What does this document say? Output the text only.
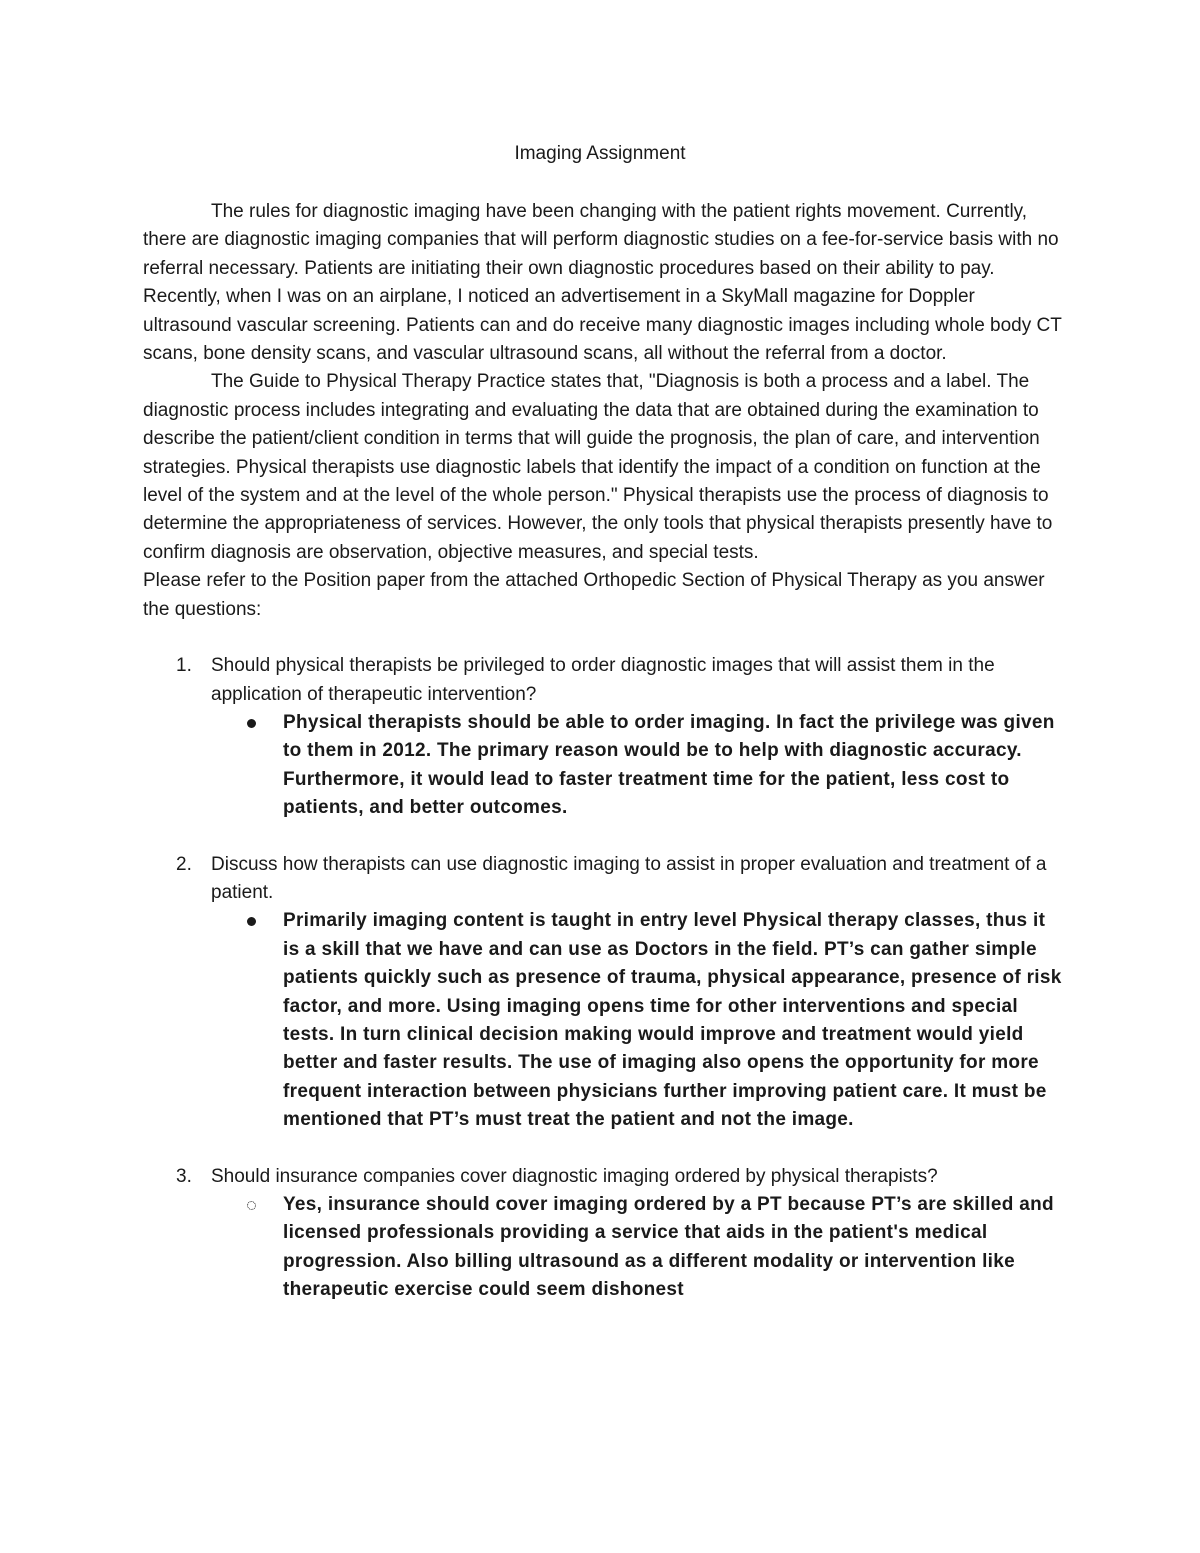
Imaging Assignment

The rules for diagnostic imaging have been changing with the patient rights movement. Currently, there are diagnostic imaging companies that will perform diagnostic studies on a fee-for-service basis with no referral necessary. Patients are initiating their own diagnostic procedures based on their ability to pay. Recently, when I was on an airplane, I noticed an advertisement in a SkyMall magazine for Doppler ultrasound vascular screening. Patients can and do receive many diagnostic images including whole body CT scans, bone density scans, and vascular ultrasound scans, all without the referral from a doctor.

The Guide to Physical Therapy Practice states that, "Diagnosis is both a process and a label. The diagnostic process includes integrating and evaluating the data that are obtained during the examination to describe the patient/client condition in terms that will guide the prognosis, the plan of care, and intervention strategies. Physical therapists use diagnostic labels that identify the impact of a condition on function at the level of the system and at the level of the whole person." Physical therapists use the process of diagnosis to determine the appropriateness of services. However, the only tools that physical therapists presently have to confirm diagnosis are observation, objective measures, and special tests.

Please refer to the Position paper from the attached Orthopedic Section of Physical Therapy as you answer the questions:

1.	Should physical therapists be privileged to order diagnostic images that will assist them in the application of therapeutic intervention?

Physical therapists should be able to order imaging. In fact the privilege was given to them in 2012. The primary reason would be to help with diagnostic accuracy. Furthermore, it would lead to faster treatment time for the patient, less cost to patients, and better outcomes.
2.	Discuss how therapists can use diagnostic imaging to assist in proper evaluation and treatment of a patient.

Primarily imaging content is taught in entry level Physical therapy classes, thus it is a skill that we have and can use as Doctors in the field. PT’s can gather simple patients quickly such as presence of trauma, physical appearance, presence of risk factor, and more. Using imaging opens time for other interventions and special tests. In turn clinical decision making would improve and treatment would yield better and faster results. The use of imaging also opens the opportunity for more frequent interaction between physicians further improving patient care. It must be mentioned that PT’s must treat the patient and not the image.
3.	Should insurance companies cover diagnostic imaging ordered by physical therapists?

Yes, insurance should cover imaging ordered by a PT because PT’s are skilled and licensed professionals providing a service that aids in the patient's medical progression. Also billing ultrasound as a different modality or intervention like therapeutic exercise could seem dishonest
